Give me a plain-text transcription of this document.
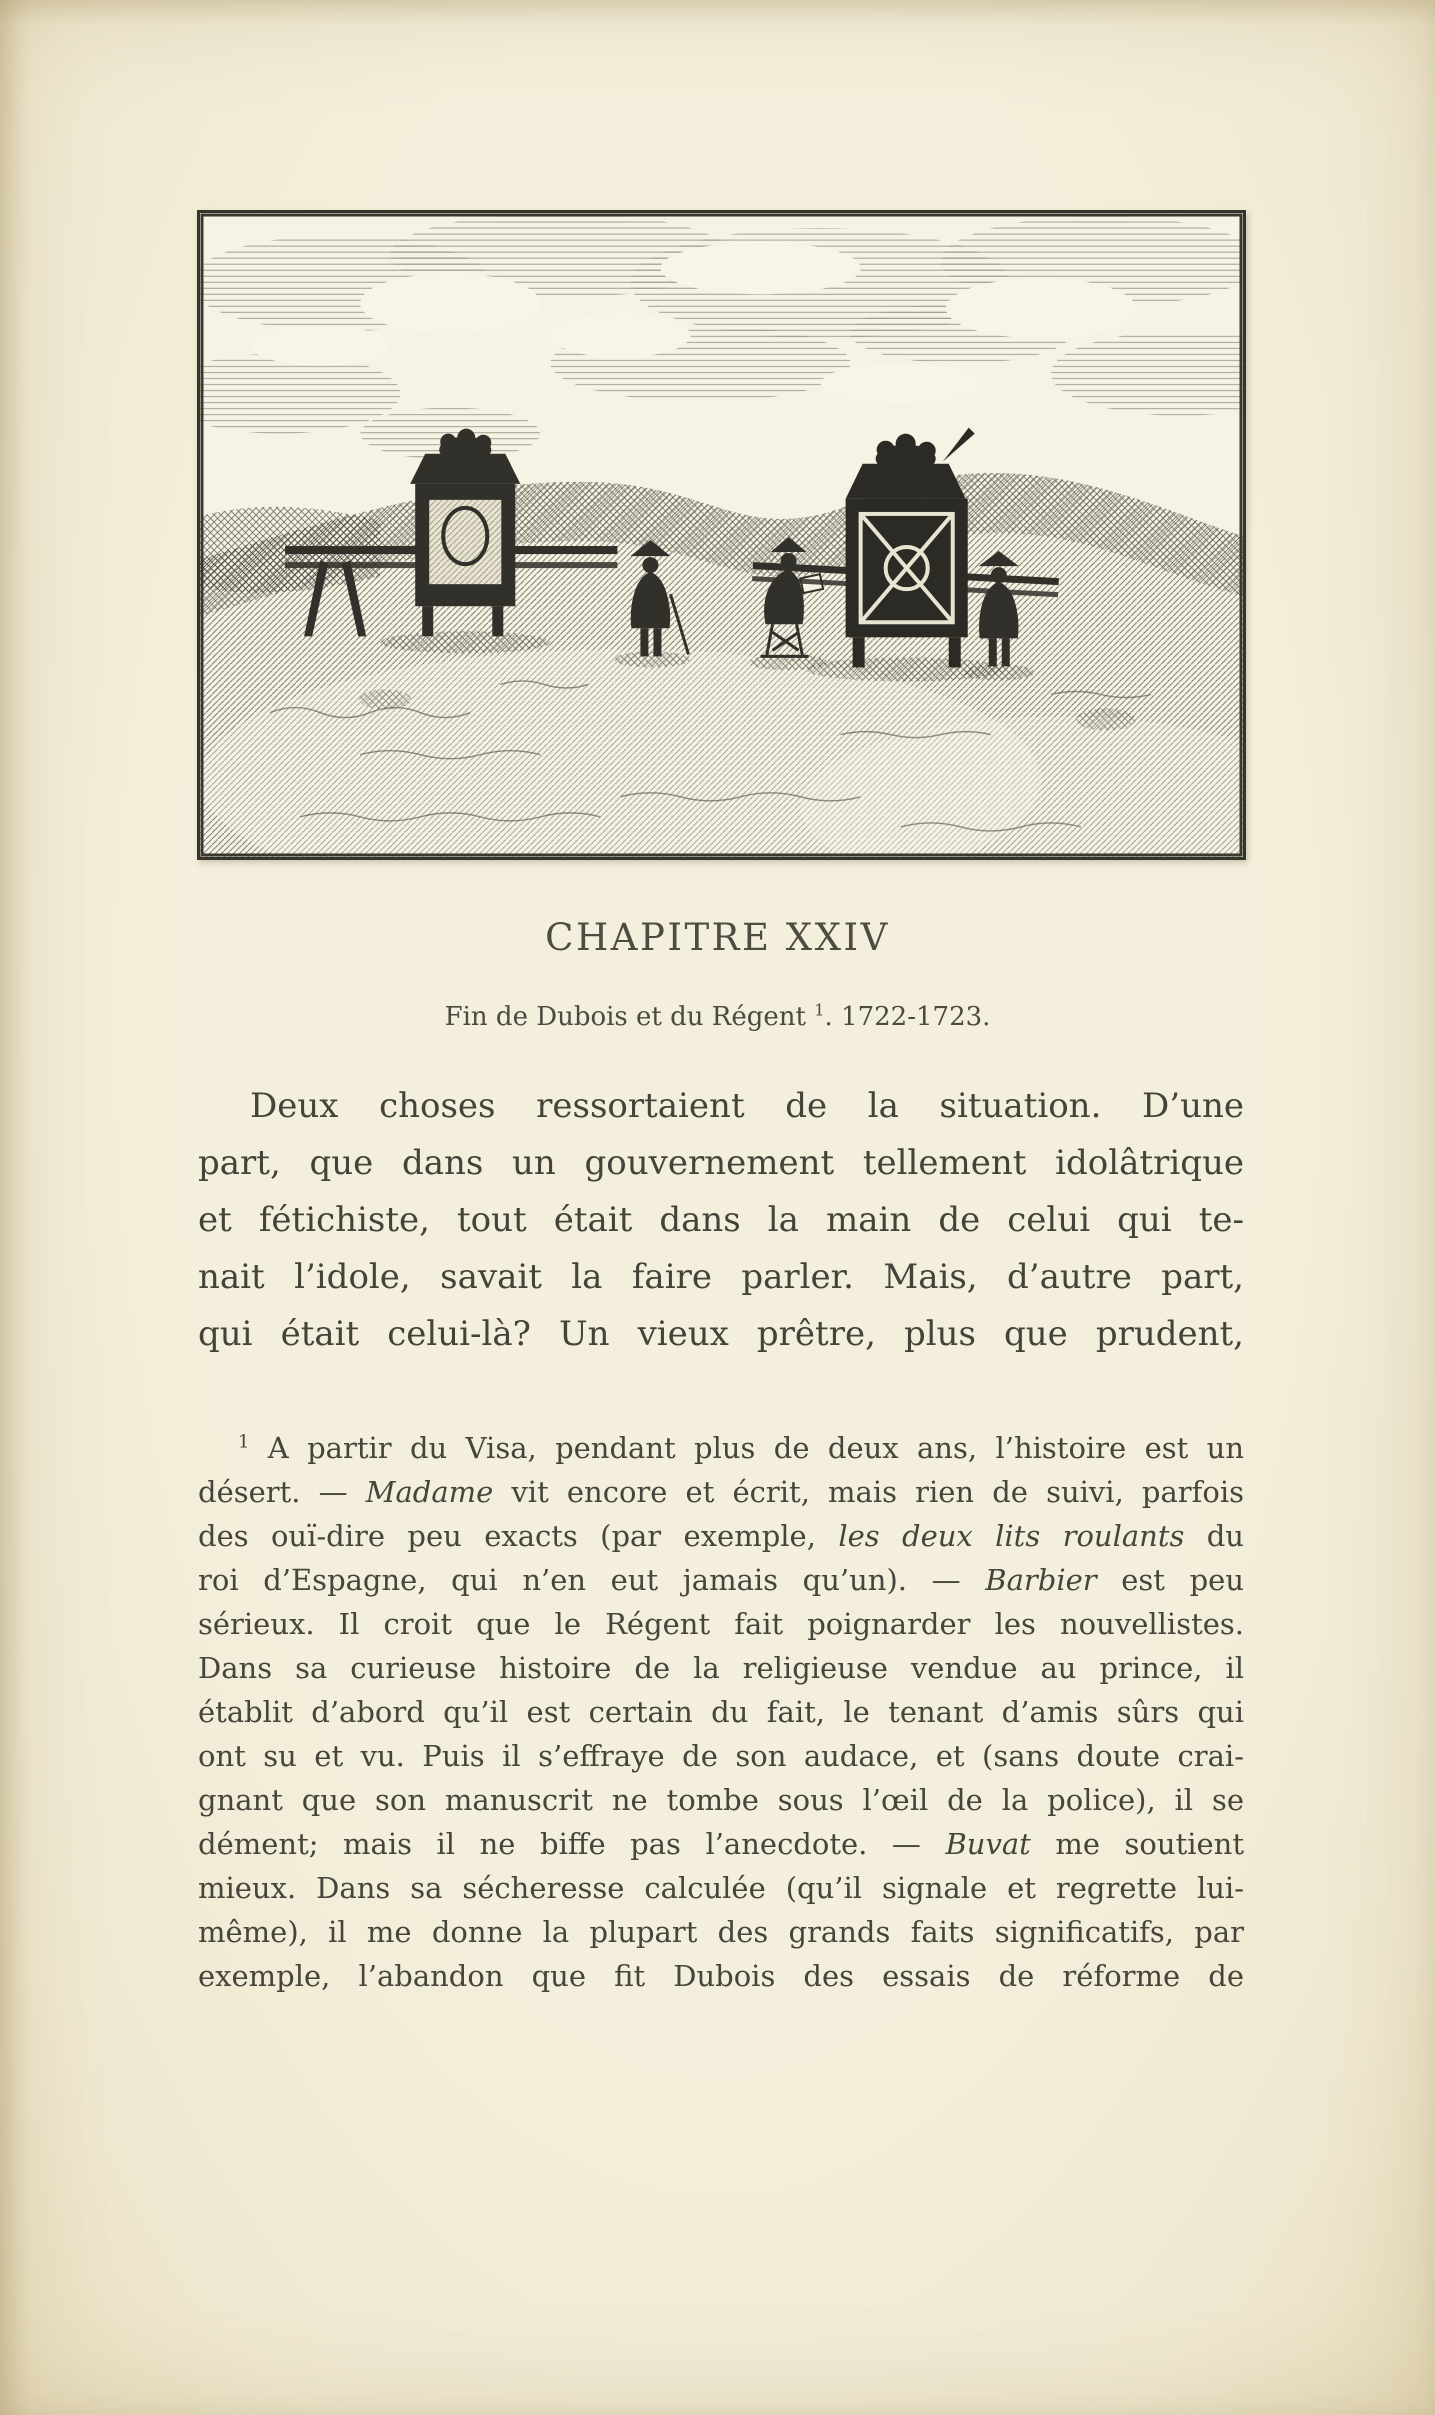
CHAPITRE XXIV
Fin de Dubois et du Régent $^1$. 1722-1723.
Deux choses ressortaient de la situation. D’une
part, que dans un gouvernement tellement idolâtrique
et fétichiste, tout était dans la main de celui qui te-
nait l’idole, savait la faire parler. Mais, d’autre part,
qui était celui-là? Un vieux prêtre, plus que prudent,
$^1$ A partir du Visa, pendant plus de deux ans, l’histoire est un
désert. — Madame vit encore et écrit, mais rien de suivi, parfois
des ouï-dire peu exacts (par exemple, les deux lits roulants du
roi d’Espagne, qui n’en eut jamais qu’un). — Barbier est peu
sérieux. Il croit que le Régent fait poignarder les nouvellistes.
Dans sa curieuse histoire de la religieuse vendue au prince, il
établit d’abord qu’il est certain du fait, le tenant d’amis sûrs qui
ont su et vu. Puis il s’effraye de son audace, et (sans doute crai-
gnant que son manuscrit ne tombe sous l’œil de la police), il se
dément; mais il ne biffe pas l’anecdote. — Buvat me soutient
mieux. Dans sa sécheresse calculée (qu’il signale et regrette lui-
même), il me donne la plupart des grands faits significatifs, par
exemple, l’abandon que fit Dubois des essais de réforme de
